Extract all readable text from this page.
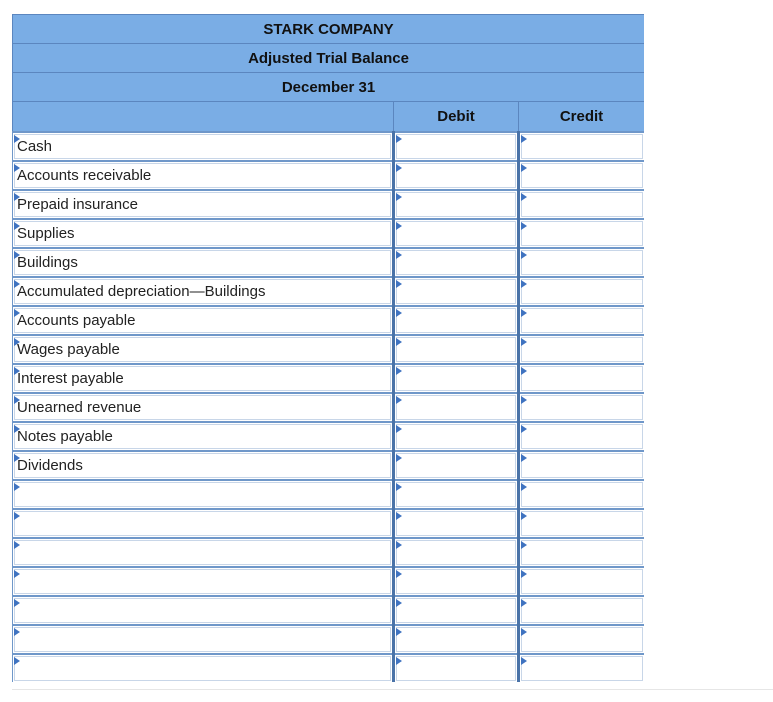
STARK COMPANY		
Adjusted Trial Balance		
December 31		
	Debit	Credit

Cash		

Accounts receivable		

Prepaid insurance		

Supplies		

Buildings		

Accumulated depreciation—Buildings		

Accounts payable		

Wages payable		

Interest payable		

Unearned revenue		

Notes payable		

Dividends		
